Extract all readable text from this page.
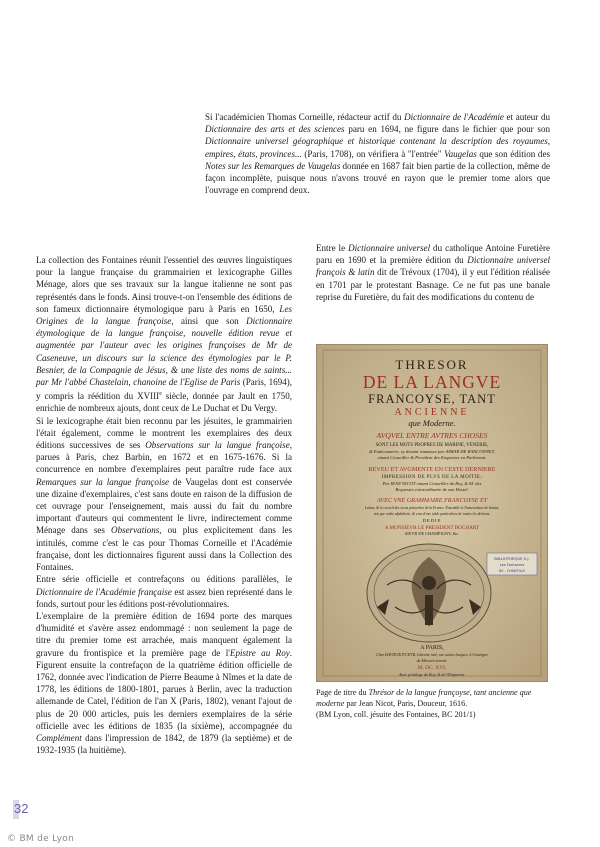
Si l'académicien Thomas Corneille, rédacteur actif du Dictionnaire de l'Académie et auteur du Dictionnaire des arts et des sciences paru en 1694, ne figure dans le fichier que pour son Dictionnaire universel géographique et historique contenant la description des royaumes, empires, états, provinces... (Paris, 1708), on vérifiera à "l'entrée" Vaugelas que son édition des Notes sur les Remarques de Vaugelas donnée en 1687 fait bien partie de la collection, même de façon incomplète, puisque nous n'avons trouvé en rayon que le premier tome alors que l'ouvrage en comprend deux.

La collection des Fontaines réunit l'essentiel des œuvres linguistiques pour la langue française du grammairien et lexicographe Gilles Ménage, alors que ses travaux sur la langue italienne ne sont pas représentés dans le fonds. Ainsi trouve-t-on l'ensemble des éditions de son fameux dictionnaire étymologique paru à Paris en 1650, Les Origines de la langue françoise, ainsi que son Dictionnaire étymologique de la langue françoise, nouvelle édition revue et augmentée par l'auteur avec les origines françoises de Mr de Caseneuve, un discours sur la science des étymologies par le P. Besnier, de la Compagnie de Jésus, & une liste des noms de saints... par Mr l'abbé Chastelain, chanoine de l'Eglise de Paris (Paris, 1694), y compris la réédition du XVIIIe siècle, donnée par Jault en 1750, enrichie de nombreux ajouts, dont ceux de Le Duchat et Du Vergy.

Si le lexicographe était bien reconnu par les jésuites, le grammairien l'était également, comme le montrent les exemplaires des deux éditions successives de ses Observations sur la langue françoise, parues à Paris, chez Barbin, en 1672 et en 1675-1676. Si la concurrence en nombre d'exemplaires peut paraître rude face aux Remarques sur la langue françoise de Vaugelas dont est conservée une dizaine d'exemplaires, c'est sans doute en raison de la diffusion de cet ouvrage pour l'enseignement, mais aussi du fait du nombre important d'auteurs qui commentent le livre, indirectement comme Ménage dans ses Observations, ou plus explicitement dans les intitulés, comme c'est le cas pour Thomas Corneille et l'Académie française, dont les dictionnaires figurent aussi dans la Collection des Fontaines.

Entre série officielle et contrefaçons ou éditions parallèles, le Dictionnaire de l'Académie française est assez bien représenté dans le fonds, surtout pour les éditions post-révolutionnaires.

L'exemplaire de la première édition de 1694 porte des marques d'humidité et s'avère assez endommagé : non seulement la page de titre du premier tome est arrachée, mais manquent également la gravure du frontispice et la première page de l'Epistre au Roy. Figurent ensuite la contrefaçon de la quatrième édition officielle de 1762, donnée avec l'indication de Pierre Beaume à Nîmes et la date de 1778, les éditions de 1800-1801, parues à Berlin, avec la traduction allemande de Catel, l'édition de l'an X (Paris, 1802), venant l'ajout de plus de 20 000 articles, puis les derniers exemplaires de la série officielle avec les éditions de 1835 (la sixième), accompagnée du Complément dans l'impression de 1842, de 1879 (la septième) et de 1932-1935 (la huitième).

Entre le Dictionnaire universel du catholique Antoine Furetière paru en 1690 et la première édition du Dictionnaire universel françois & latin dit de Trévoux (1704), il y eut l'édition réalisée en 1701 par le protestant Basnage. Ce ne fut pas une banale reprise du Furetière, du fait des modifications du contenu de

THRESOR
DE LA LANGVE
FRANCOYSE, TANT
ANCIENNE
que Moderne.
AVQVEL ENTRE AVTRES CHOSES
SONT LES MOTS PROPRES DE MARINE, VENERIE,
& Faulconnerie, cy deuant ramassez par AIMAR DE RANCONNET,
viuant Conseiller & President des Enquestes en Parlement.
REVEU ET AVGMENTE EN CESTE DERNIERE
IMPRESSION DE PLVS DE LA MOITIE;
Par IEAN NICOT viuant Conseiller du Roy, & M. des
Requestes extraordinaire de son Hostel.
AVEC VNE GRAMMAIRE FRANCOYSE ET
Latine, & le recueil des vieux prouerbes de la France. Ensemble le Nomenclator de Iunius,
mis par ordre alphabetic, & creu d'vne table particuliere de toutes les dictions.
DEDIE
A MONSIEVR LE PRESIDENT BOCHART
SIEVR DE CHAMPIGNY, &c.
BIBLIOTHEQUE S.J.
Les Fontaines
60 - CHANTILLY
A PARIS,
Chez DAVID DOVCEVR, Libraire iuré, rue sainct Iacques, à l'enseigne
du Mercure arresté.
M. DC. XVI.
Auec priuilege du Roy, & de l'Empereur.
Page de titre du Thrésor de la langue françoyse, tant ancienne que moderne par Jean Nicot, Paris, Douceur, 1616.
(BM Lyon, coll. jésuite des Fontaines, BC 201/1)
32
© BM de Lyon
